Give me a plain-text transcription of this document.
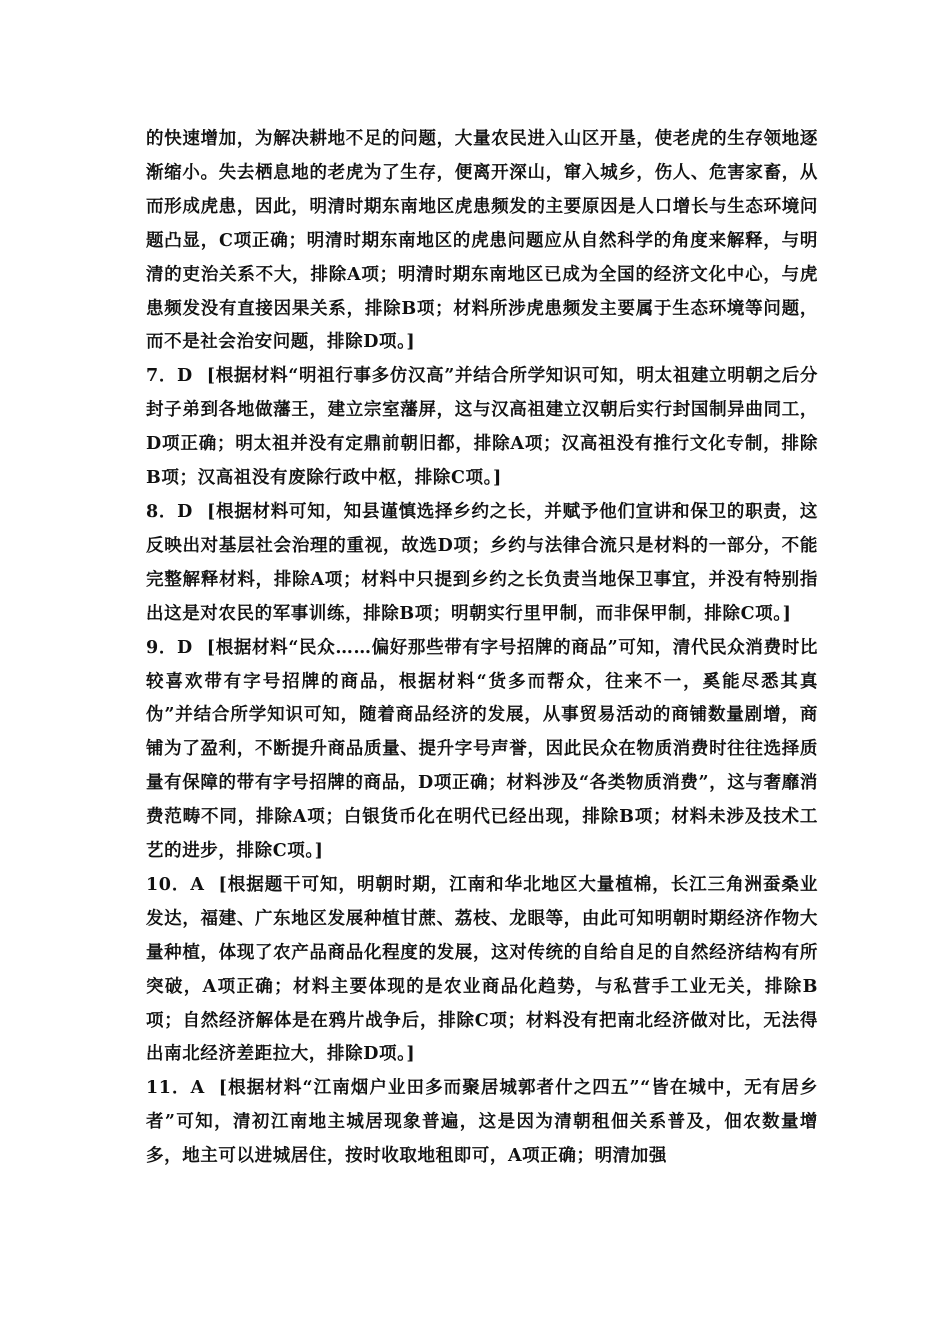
的快速增加，为解决耕地不足的问题，大量农民进入山区开垦，使老虎的生存领地逐渐缩小。失去栖息地的老虎为了生存，便离开深山，窜入城乡，伤人、危害家畜，从而形成虎患，因此，明清时期东南地区虎患频发的主要原因是人口增长与生态环境问题凸显，C项正确；明清时期东南地区的虎患问题应从自然科学的角度来解释，与明清的吏治关系不大，排除A项；明清时期东南地区已成为全国的经济文化中心，与虎患频发没有直接因果关系，排除B项；材料所涉虎患频发主要属于生态环境等问题，而不是社会治安问题，排除D项。]

7．D [根据材料“明祖行事多仿汉高”并结合所学知识可知，明太祖建立明朝之后分封子弟到各地做藩王，建立宗室藩屏，这与汉高祖建立汉朝后实行封国制异曲同工，D项正确；明太祖并没有定鼎前朝旧都，排除A项；汉高祖没有推行文化专制，排除B项；汉高祖没有废除行政中枢，排除C项。]

8．D [根据材料可知，知县谨慎选择乡约之长，并赋予他们宣讲和保卫的职责，这反映出对基层社会治理的重视，故选D项；乡约与法律合流只是材料的一部分，不能完整解释材料，排除A项；材料中只提到乡约之长负责当地保卫事宜，并没有特别指出这是对农民的军事训练，排除B项；明朝实行里甲制，而非保甲制，排除C项。]

9．D [根据材料“民众……偏好那些带有字号招牌的商品”可知，清代民众消费时比较喜欢带有字号招牌的商品，根据材料“货多而帮众，往来不一，奚能尽悉其真伪”并结合所学知识可知，随着商品经济的发展，从事贸易活动的商铺数量剧增，商铺为了盈利，不断提升商品质量、提升字号声誉，因此民众在物质消费时往往选择质量有保障的带有字号招牌的商品，D项正确；材料涉及“各类物质消费”，这与奢靡消费范畴不同，排除A项；白银货币化在明代已经出现，排除B项；材料未涉及技术工艺的进步，排除C项。]

10．A [根据题干可知，明朝时期，江南和华北地区大量植棉，长江三角洲蚕桑业发达，福建、广东地区发展种植甘蔗、荔枝、龙眼等，由此可知明朝时期经济作物大量种植，体现了农产品商品化程度的发展，这对传统的自给自足的自然经济结构有所突破，A项正确；材料主要体现的是农业商品化趋势，与私营手工业无关，排除B项；自然经济解体是在鸦片战争后，排除C项；材料没有把南北经济做对比，无法得出南北经济差距拉大，排除D项。]

11．A [根据材料“江南烟户业田多而聚居城郭者什之四五”“皆在城中，无有居乡者”可知，清初江南地主城居现象普遍，这是因为清朝租佃关系普及，佃农数量增多，地主可以进城居住，按时收取地租即可，A项正确；明清加强
